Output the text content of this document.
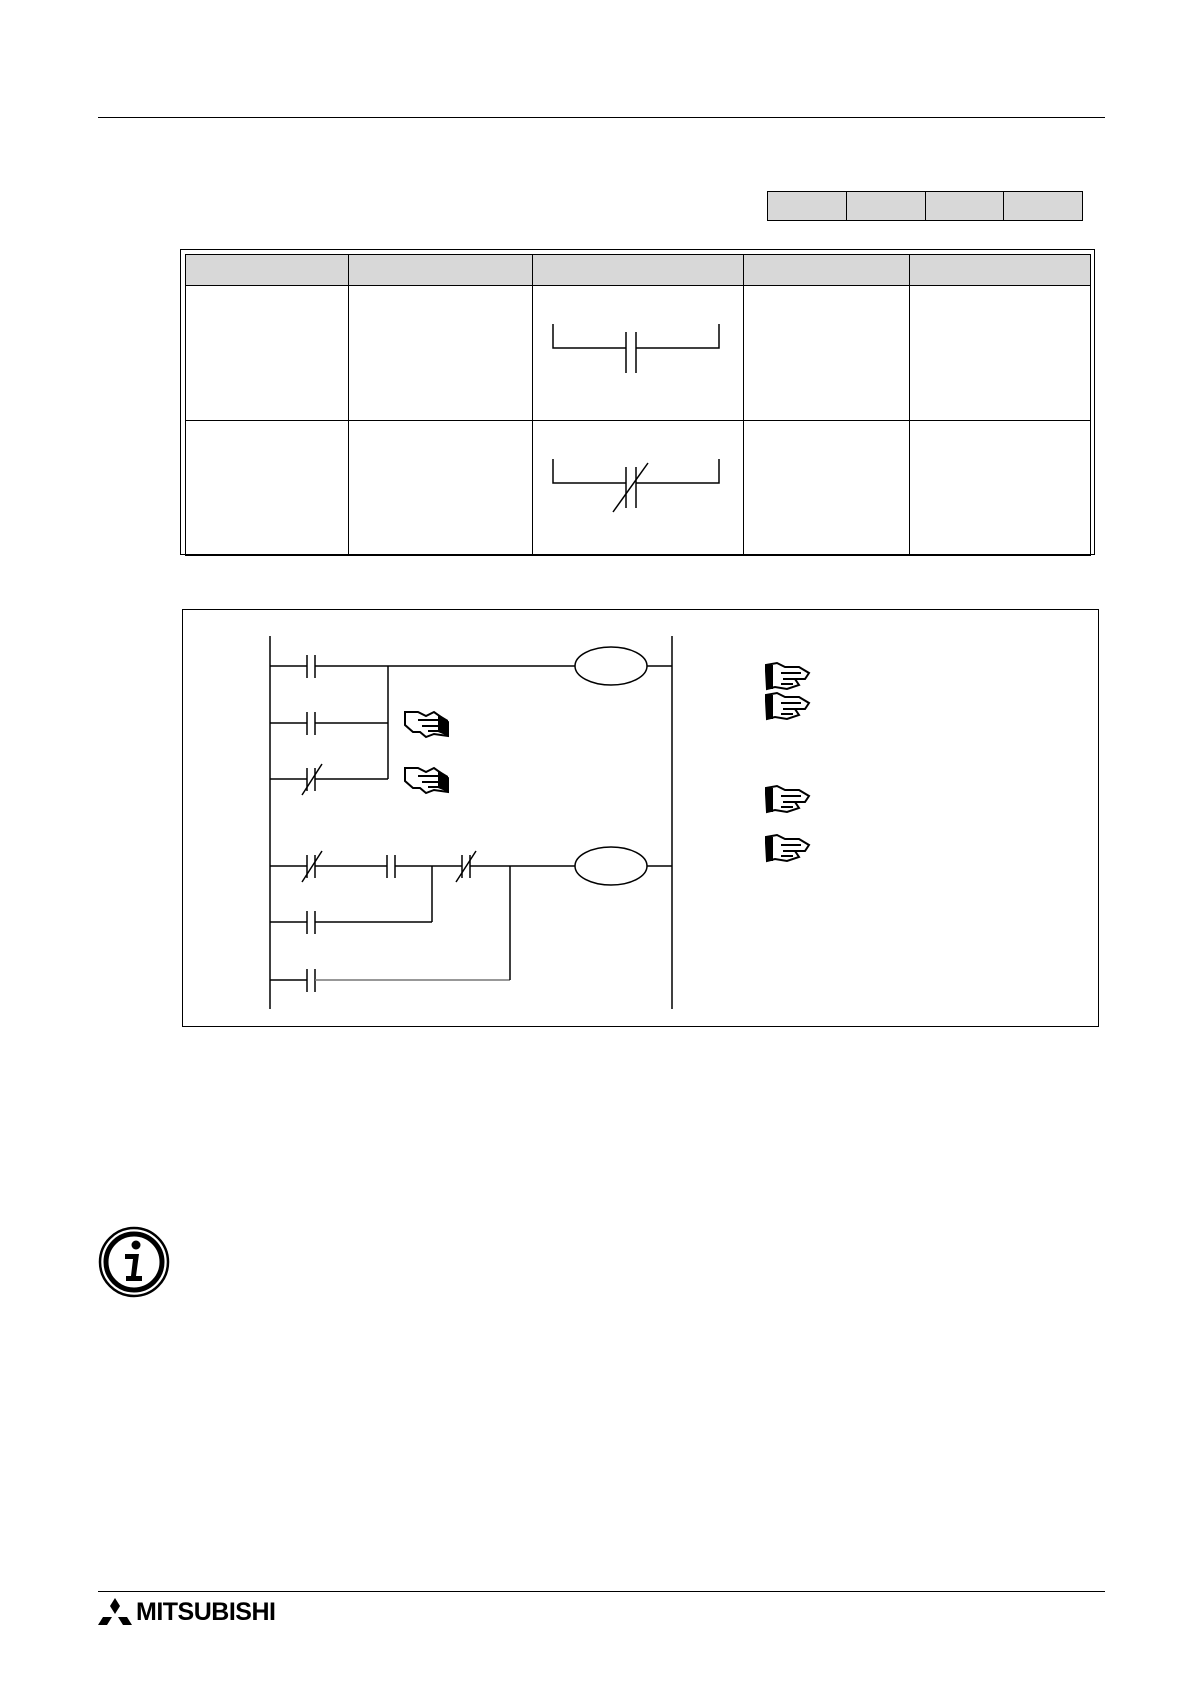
MITSUBISHI
